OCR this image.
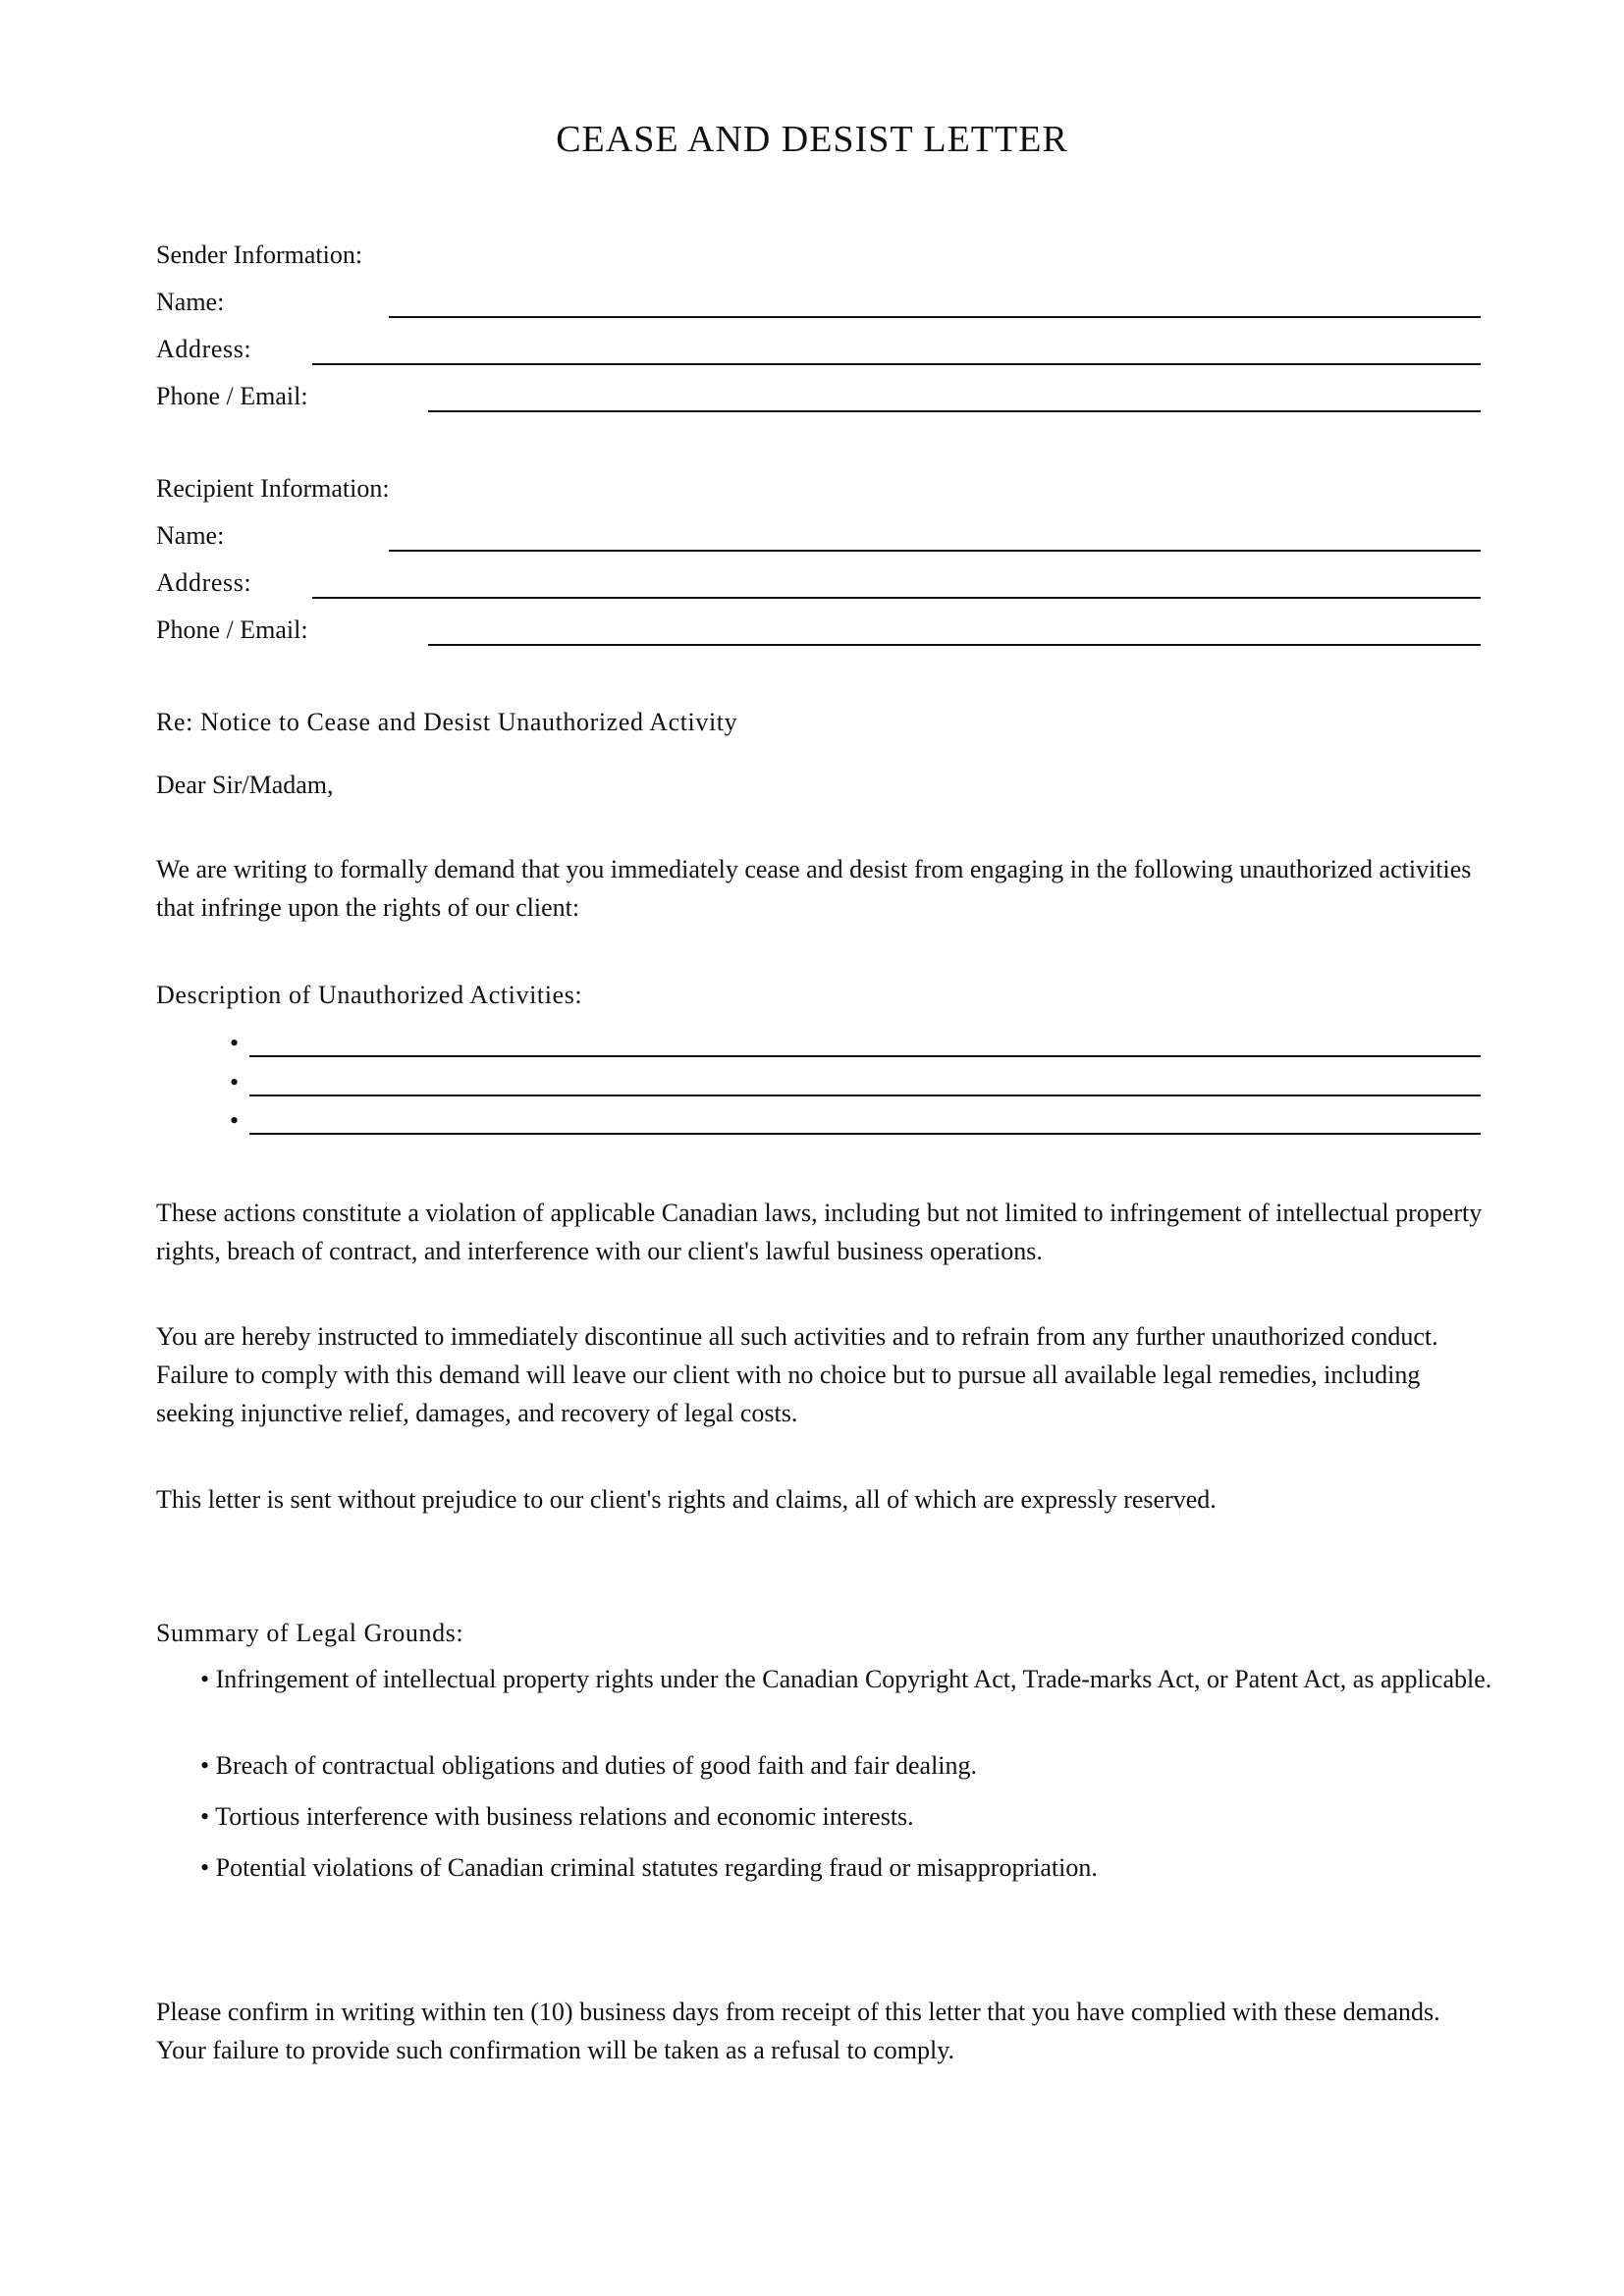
CEASE AND DESIST LETTER
Sender Information:
Name:
Address:
Phone / Email:
Recipient Information:
Name:
Address:
Phone / Email:
Re: Notice to Cease and Desist Unauthorized Activity
Dear Sir/Madam,
We are writing to formally demand that you immediately cease and desist from engaging in the following unauthorized activities that infringe upon the rights of our client:
Description of Unauthorized Activities:
•
•
•
These actions constitute a violation of applicable Canadian laws, including but not limited to infringement of intellectual property rights, breach of contract, and interference with our client's lawful business operations.
You are hereby instructed to immediately discontinue all such activities and to refrain from any further unauthorized conduct. Failure to comply with this demand will leave our client with no choice but to pursue all available legal remedies, including seeking injunctive relief, damages, and recovery of legal costs.
This letter is sent without prejudice to our client's rights and claims, all of which are expressly reserved.
Summary of Legal Grounds:
• Infringement of intellectual property rights under the Canadian Copyright Act, Trade-marks Act, or Patent Act, as applicable.
• Breach of contractual obligations and duties of good faith and fair dealing.
• Tortious interference with business relations and economic interests.
• Potential violations of Canadian criminal statutes regarding fraud or misappropriation.
Please confirm in writing within ten (10) business days from receipt of this letter that you have complied with these demands. Your failure to provide such confirmation will be taken as a refusal to comply.
